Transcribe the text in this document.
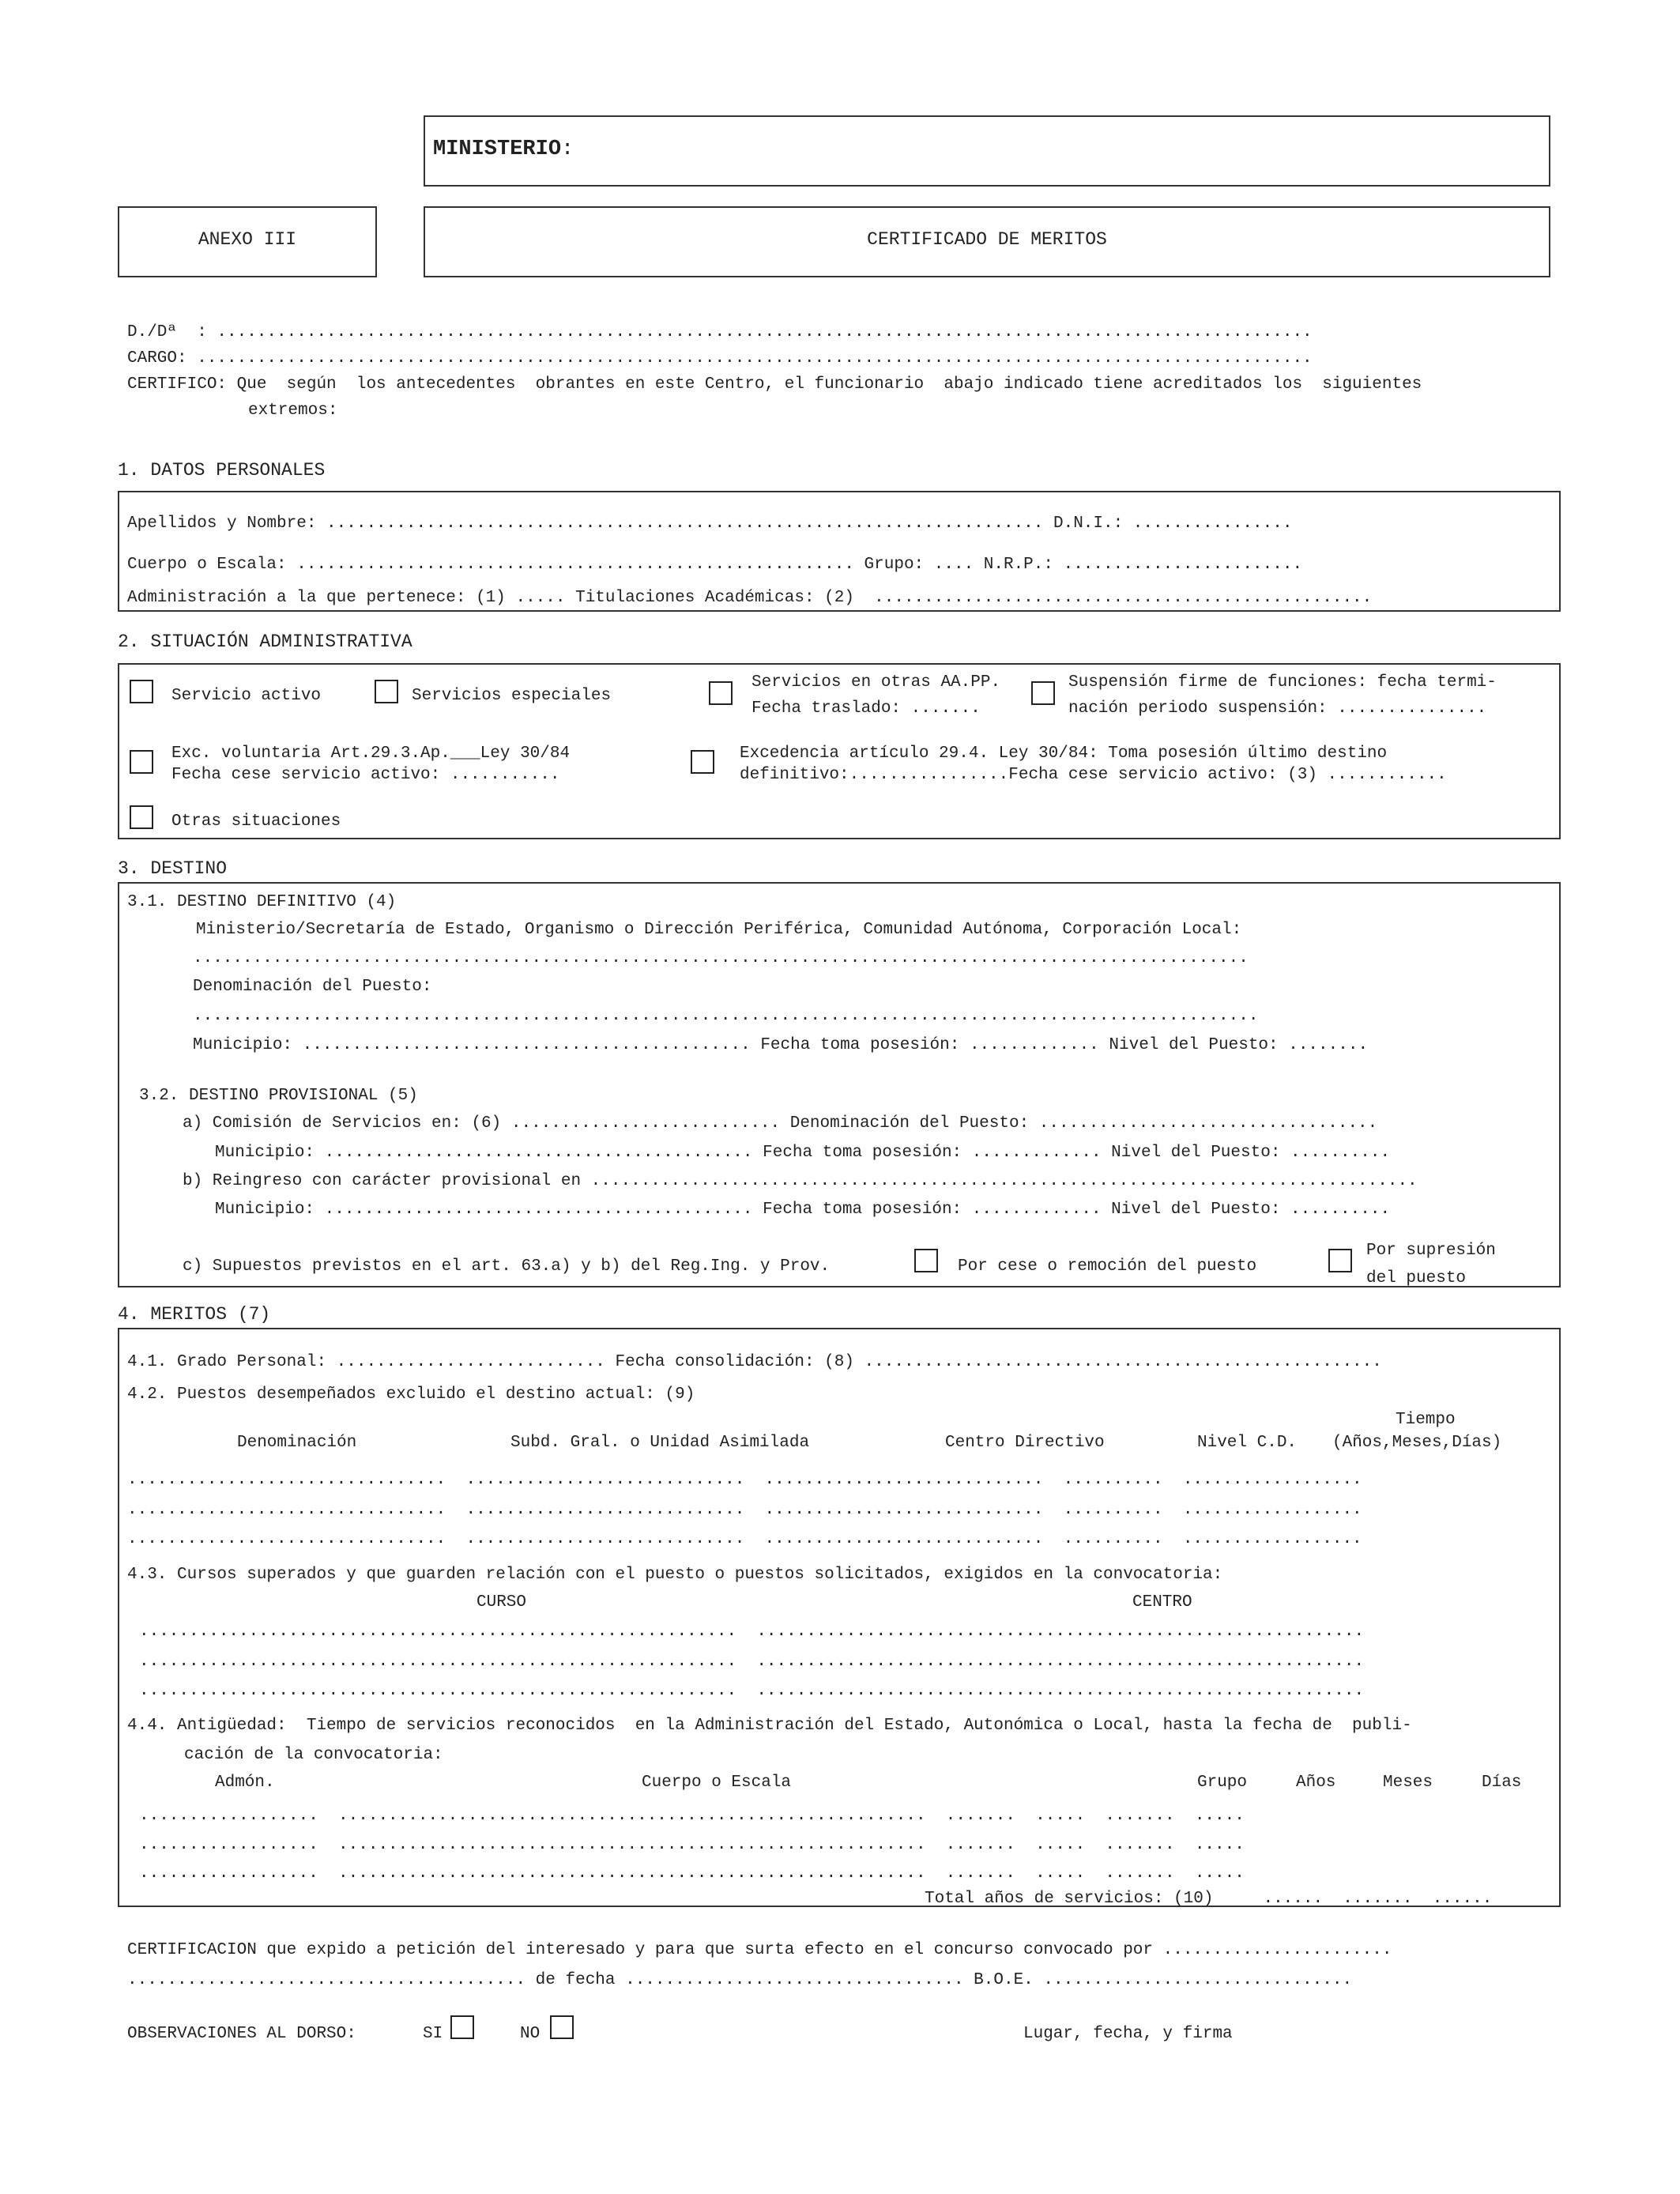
MINISTERIO:
ANEXO III	CERTIFICADO DE MERITOS
D./Dª  : ..............................................................................................................
CARGO: ................................................................................................................
CERTIFICO: Que  según  los antecedentes  obrantes en este Centro, el funcionario  abajo indicado tiene acreditados los  siguientes
extremos:
1. DATOS PERSONALES
Apellidos y Nombre: ........................................................................ D.N.I.: ................
Cuerpo o Escala: ........................................................ Grupo: .... N.R.P.: ........................
Administración a la que pertenece: (1) ..... Titulaciones Académicas: (2)  ..................................................
2. SITUACIÓN ADMINISTRATIVA
Servicio activo	Servicios especiales
Servicios en otras AA.PP.
Fecha traslado: .......
Suspensión firme de funciones: fecha termi-
nación periodo suspensión: ...............
Exc. voluntaria Art.29.3.Ap.___Ley 30/84
Fecha cese servicio activo: ...........
Excedencia artículo 29.4. Ley 30/84: Toma posesión último destino
definitivo:................Fecha cese servicio activo: (3) ............
Otras situaciones
3. DESTINO
3.1. DESTINO DEFINITIVO (4)
Ministerio/Secretaría de Estado, Organismo o Dirección Periférica, Comunidad Autónoma, Corporación Local:
..........................................................................................................
Denominación del Puesto:
...........................................................................................................
Municipio: ............................................. Fecha toma posesión: ............. Nivel del Puesto: ........
3.2. DESTINO PROVISIONAL (5)
a) Comisión de Servicios en: (6) ........................... Denominación del Puesto: ..................................
Municipio: ........................................... Fecha toma posesión: ............. Nivel del Puesto: ..........
b) Reingreso con carácter provisional en ...................................................................................
Municipio: ........................................... Fecha toma posesión: ............. Nivel del Puesto: ..........
c) Supuestos previstos en el art. 63.a) y b) del Reg.Ing. y Prov.	Por cese o remoción del puesto
Por supresión
del puesto
4. MERITOS (7)
4.1. Grado Personal: ........................... Fecha consolidación: (8) ....................................................
4.2. Puestos desempeñados excluido el destino actual: (9)
Tiempo
Denominación	Subd. Gral. o Unidad Asimilada	Centro Directivo	Nivel C.D. (Años,Meses,Días)
................................  ............................  ............................  ..........  ..................
................................  ............................  ............................  ..........  ..................
................................  ............................  ............................  ..........  ..................
4.3. Cursos superados y que guarden relación con el puesto o puestos solicitados, exigidos en la convocatoria:
CURSO	CENTRO
............................................................  .............................................................
............................................................  .............................................................
............................................................  .............................................................
4.4. Antigüedad:  Tiempo de servicios reconocidos  en la Administración del Estado, Autonómica o Local, hasta la fecha de  publi-
cación de la convocatoria:
Admón.	Cuerpo o Escala	Grupo	Años	Meses	Días
..................  ...........................................................  .......  .....  .......  .....
..................  ...........................................................  .......  .....  .......  .....
..................  ...........................................................  .......  .....  .......  .....
Total años de servicios: (10)     ......  .......  ......
CERTIFICACION que expido a petición del interesado y para que surta efecto en el concurso convocado por .......................
........................................ de fecha .................................. B.O.E. ...............................
OBSERVACIONES AL DORSO:	SI	NO	Lugar, fecha, y firma
